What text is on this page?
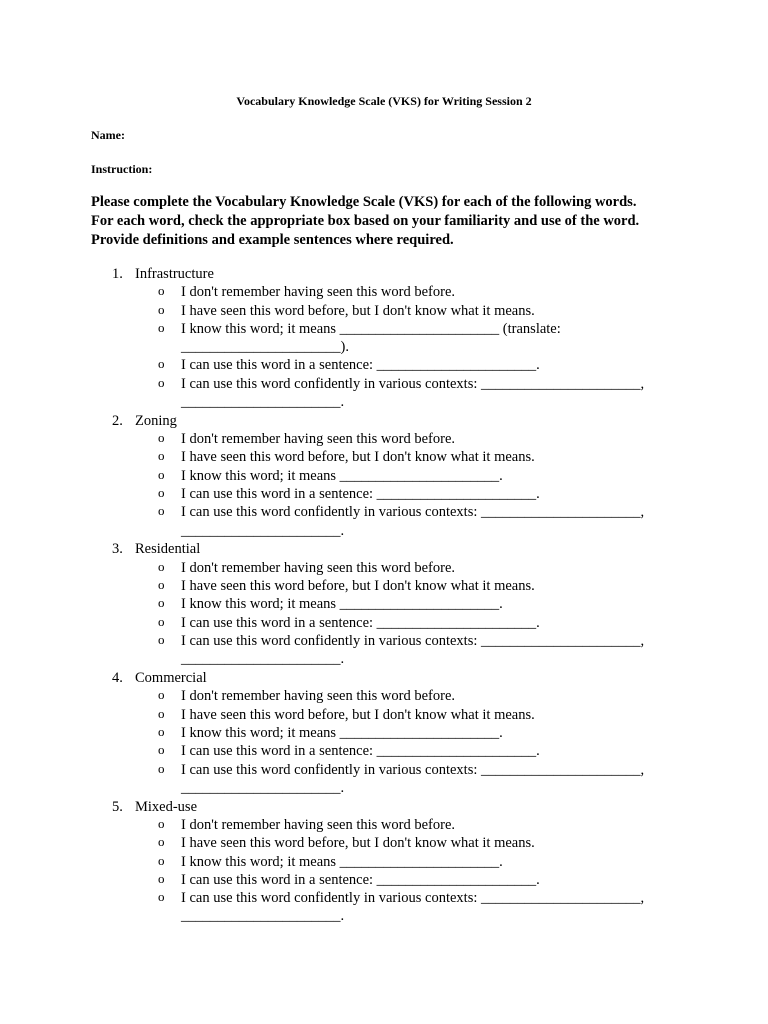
Vocabulary Knowledge Scale (VKS) for Writing Session 2
Name:
Instruction:
Please complete the Vocabulary Knowledge Scale (VKS) for each of the following words.
For each word, check the appropriate box based on your familiarity and use of the word.
Provide definitions and example sentences where required.
1. Infrastructure
o I don't remember having seen this word before.
o I have seen this word before, but I don't know what it means.
o I know this word; it means ______________________ (translate:
______________________).
o I can use this word in a sentence: ______________________.
o I can use this word confidently in various contexts: ______________________,
______________________.
2. Zoning
o I don't remember having seen this word before.
o I have seen this word before, but I don't know what it means.
o I know this word; it means ______________________.
o I can use this word in a sentence: ______________________.
o I can use this word confidently in various contexts: ______________________,
______________________.
3. Residential
o I don't remember having seen this word before.
o I have seen this word before, but I don't know what it means.
o I know this word; it means ______________________.
o I can use this word in a sentence: ______________________.
o I can use this word confidently in various contexts: ______________________,
______________________.
4. Commercial
o I don't remember having seen this word before.
o I have seen this word before, but I don't know what it means.
o I know this word; it means ______________________.
o I can use this word in a sentence: ______________________.
o I can use this word confidently in various contexts: ______________________,
______________________.
5. Mixed-use
o I don't remember having seen this word before.
o I have seen this word before, but I don't know what it means.
o I know this word; it means ______________________.
o I can use this word in a sentence: ______________________.
o I can use this word confidently in various contexts: ______________________,
______________________.
